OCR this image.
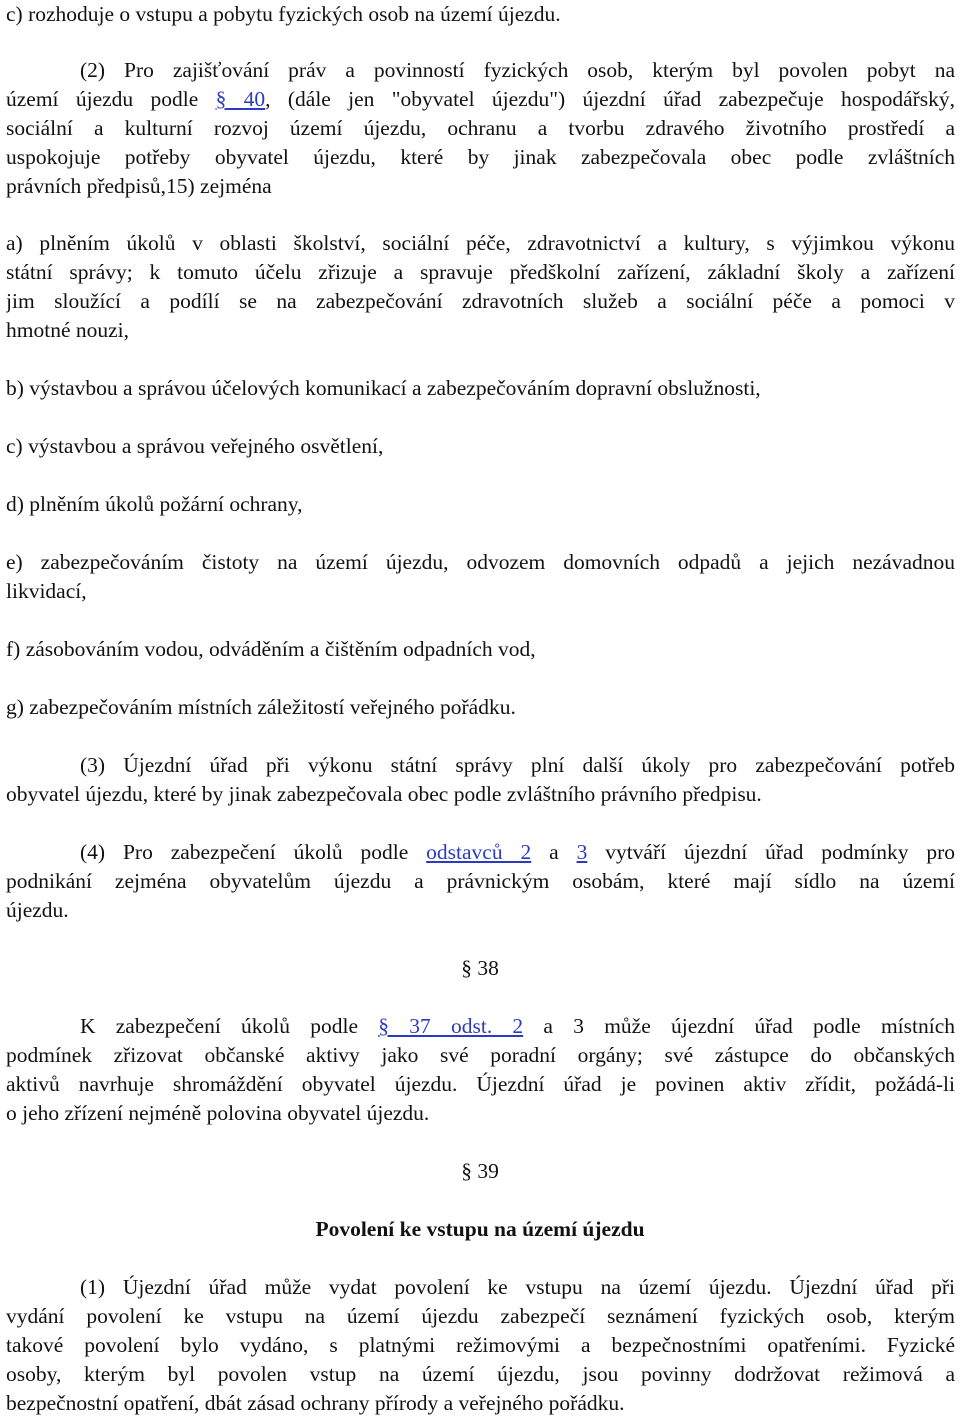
c) rozhoduje o vstupu a pobytu fyzických osob na území újezdu.
(2) Pro zajišťování práv a povinností fyzických osob, kterým byl povolen pobyt na
území újezdu podle § 40, (dále jen "obyvatel újezdu") újezdní úřad zabezpečuje hospodářský,
sociální a kulturní rozvoj území újezdu, ochranu a tvorbu zdravého životního prostředí a
uspokojuje potřeby obyvatel újezdu, které by jinak zabezpečovala obec podle zvláštních
právních předpisů,15) zejména
a) plněním úkolů v oblasti školství, sociální péče, zdravotnictví a kultury, s výjimkou výkonu
státní správy; k tomuto účelu zřizuje a spravuje předškolní zařízení, základní školy a zařízení
jim sloužící a podílí se na zabezpečování zdravotních služeb a sociální péče a pomoci v
hmotné nouzi,
b) výstavbou a správou účelových komunikací a zabezpečováním dopravní obslužnosti,
c) výstavbou a správou veřejného osvětlení,
d) plněním úkolů požární ochrany,
e) zabezpečováním čistoty na území újezdu, odvozem domovních odpadů a jejich nezávadnou
likvidací,
f) zásobováním vodou, odváděním a čištěním odpadních vod,
g) zabezpečováním místních záležitostí veřejného pořádku.
(3) Újezdní úřad při výkonu státní správy plní další úkoly pro zabezpečování potřeb
obyvatel újezdu, které by jinak zabezpečovala obec podle zvláštního právního předpisu.
(4) Pro zabezpečení úkolů podle odstavců 2 a 3 vytváří újezdní úřad podmínky pro
podnikání zejména obyvatelům újezdu a právnickým osobám, které mají sídlo na území
újezdu.
§ 38
K zabezpečení úkolů podle § 37 odst. 2 a 3 může újezdní úřad podle místních
podmínek zřizovat občanské aktivy jako své poradní orgány; své zástupce do občanských
aktivů navrhuje shromáždění obyvatel újezdu. Újezdní úřad je povinen aktiv zřídit, požádá-li
o jeho zřízení nejméně polovina obyvatel újezdu.
§ 39
Povolení ke vstupu na území újezdu
(1) Újezdní úřad může vydat povolení ke vstupu na území újezdu. Újezdní úřad při
vydání povolení ke vstupu na území újezdu zabezpečí seznámení fyzických osob, kterým
takové povolení bylo vydáno, s platnými režimovými a bezpečnostními opatřeními. Fyzické
osoby, kterým byl povolen vstup na území újezdu, jsou povinny dodržovat režimová a
bezpečnostní opatření, dbát zásad ochrany přírody a veřejného pořádku.
